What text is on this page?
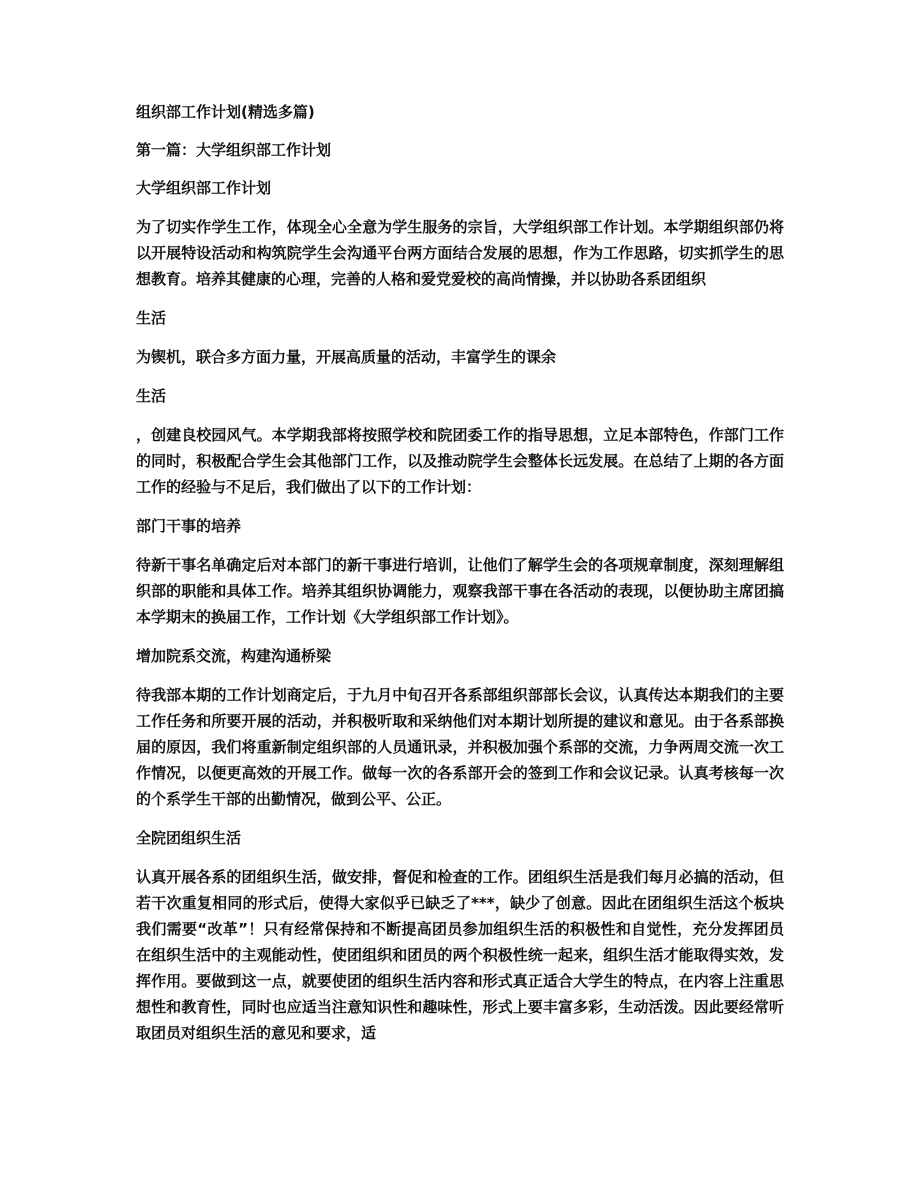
组织部工作计划(精选多篇)
第一篇：大学组织部工作计划
大学组织部工作计划
为了切实作学生工作，体现全心全意为学生服务的宗旨，大学组织部工作计划。本学期组织部仍将以开展特设活动和构筑院学生会沟通平台两方面结合发展的思想，作为工作思路，切实抓学生的思想教育。培养其健康的心理，完善的人格和爱党爱校的高尚情操，并以协助各系团组织
生活
为锲机，联合多方面力量，开展高质量的活动，丰富学生的课余
生活
，创建良校园风气。本学期我部将按照学校和院团委工作的指导思想，立足本部特色，作部门工作的同时，积极配合学生会其他部门工作，以及推动院学生会整体长远发展。在总结了上期的各方面工作的经验与不足后，我们做出了以下的工作计划：
部门干事的培养
待新干事名单确定后对本部门的新干事进行培训，让他们了解学生会的各项规章制度，深刻理解组织部的职能和具体工作。培养其组织协调能力，观察我部干事在各活动的表现，以便协助主席团搞本学期末的换届工作，工作计划《大学组织部工作计划》。
增加院系交流，构建沟通桥梁
待我部本期的工作计划商定后，于九月中旬召开各系部组织部部长会议，认真传达本期我们的主要工作任务和所要开展的活动，并积极听取和采纳他们对本期计划所提的建议和意见。由于各系部换届的原因，我们将重新制定组织部的人员通讯录，并积极加强个系部的交流，力争两周交流一次工作情况，以便更高效的开展工作。做每一次的各系部开会的签到工作和会议记录。认真考核每一次的个系学生干部的出勤情况，做到公平、公正。
全院团组织生活
认真开展各系的团组织生活，做安排，督促和检查的工作。团组织生活是我们每月必搞的活动，但若干次重复相同的形式后，使得大家似乎已缺乏了***，缺少了创意。因此在团组织生活这个板块我们需要“改革”！只有经常保持和不断提高团员参加组织生活的积极性和自觉性，充分发挥团员在组织生活中的主观能动性，使团组织和团员的两个积极性统一起来，组织生活才能取得实效，发挥作用。要做到这一点，就要使团的组织生活内容和形式真正适合大学生的特点，在内容上注重思想性和教育性，同时也应适当注意知识性和趣味性，形式上要丰富多彩，生动活泼。因此要经常听取团员对组织生活的意见和要求，适
